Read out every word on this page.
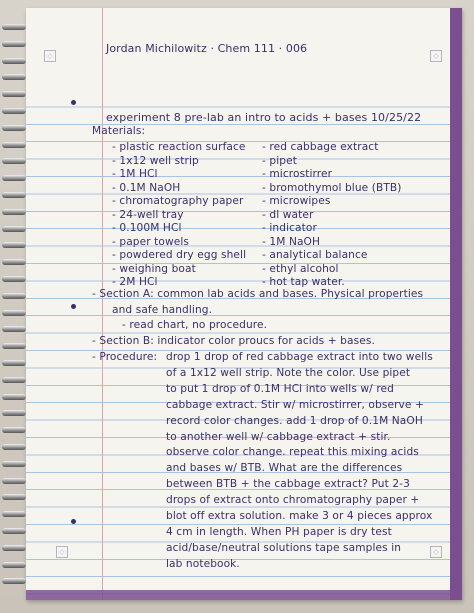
◇	◇
◇	◇
Jordan Michilowitz · Chem 111 · 006
experiment 8 pre-lab an intro to acids + bases 10/25/22
Materials:
- plastic reaction surface
- 1x12 well strip
- 1M HCl
- 0.1M NaOH
- chromatography paper
- 24-well tray
- 0.100M HCl
- paper towels
- powdered dry egg shell
- weighing boat
- 2M HCl
- red cabbage extract
- pipet
- microstirrer
- bromothymol blue (BTB)
- microwipes
- dl water
- indicator
- 1M NaOH
- analytical balance
- ethyl alcohol
- hot tap water.
- Section A: common lab acids and bases. Physical properties
and safe handling.
- read chart, no procedure.
- Section B: indicator color proucs for acids + bases.
- Procedure: drop 1 drop of red cabbage extract into two wells
of a 1x12 well strip. Note the color. Use pipet
to put 1 drop of 0.1M HCl into wells w/ red
cabbage extract. Stir w/ microstirrer, observe +
record color changes. add 1 drop of 0.1M NaOH
to another well w/ cabbage extract + stir.
observe color change. repeat this mixing acids
and bases w/ BTB. What are the differences
between BTB + the cabbage extract? Put 2-3
drops of extract onto chromatography paper +
blot off extra solution. make 3 or 4 pieces approx
4 cm in length. When PH paper is dry test
acid/base/neutral solutions tape samples in
lab notebook.
